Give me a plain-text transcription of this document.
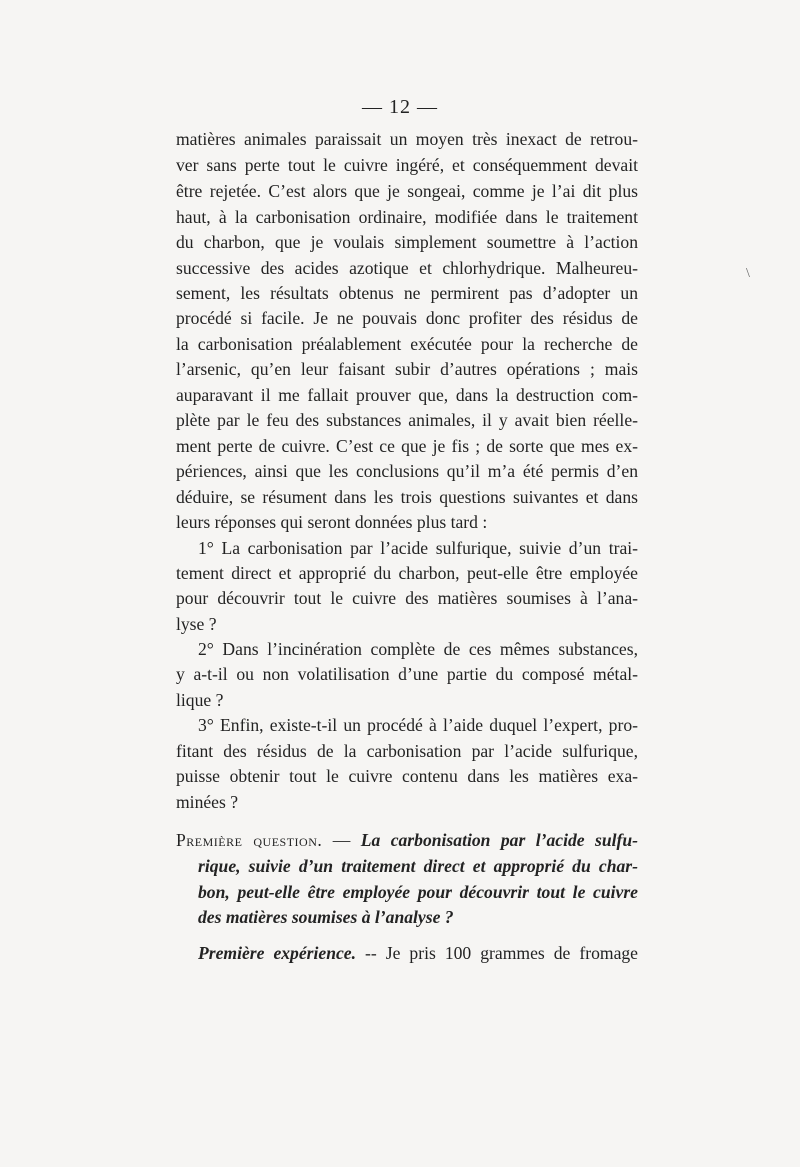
— 12 —
\
matières animales paraissait un moyen très inexact de retrou-
ver sans perte tout le cuivre ingéré, et conséquemment devait
être rejetée. C’est alors que je songeai, comme je l’ai dit plus
haut, à la carbonisation ordinaire, modifiée dans le traitement
du charbon, que je voulais simplement soumettre à l’action
successive des acides azotique et chlorhydrique. Malheureu-
sement, les résultats obtenus ne permirent pas d’adopter un
procédé si facile. Je ne pouvais donc profiter des résidus de
la carbonisation préalablement exécutée pour la recherche de
l’arsenic, qu’en leur faisant subir d’autres opérations ; mais
auparavant il me fallait prouver que, dans la destruction com-
plète par le feu des substances animales, il y avait bien réelle-
ment perte de cuivre. C’est ce que je fis ; de sorte que mes ex-
périences, ainsi que les conclusions qu’il m’a été permis d’en
déduire, se résument dans les trois questions suivantes et dans
leurs réponses qui seront données plus tard :
1° La carbonisation par l’acide sulfurique, suivie d’un trai-
tement direct et approprié du charbon, peut-elle être employée
pour découvrir tout le cuivre des matières soumises à l’ana-
lyse ?
2° Dans l’incinération complète de ces mêmes substances,
y a-t-il ou non volatilisation d’une partie du composé métal-
lique ?
3° Enfin, existe-t-il un procédé à l’aide duquel l’expert, pro-
fitant des résidus de la carbonisation par l’acide sulfurique,
puisse obtenir tout le cuivre contenu dans les matières exa-
minées ?
Première question. — La carbonisation par l’acide sulfu-
rique, suivie d’un traitement direct et approprié du char-
bon, peut-elle être employée pour découvrir tout le cuivre
des matières soumises à l’analyse ?
Première expérience. -- Je pris 100 grammes de fromage
